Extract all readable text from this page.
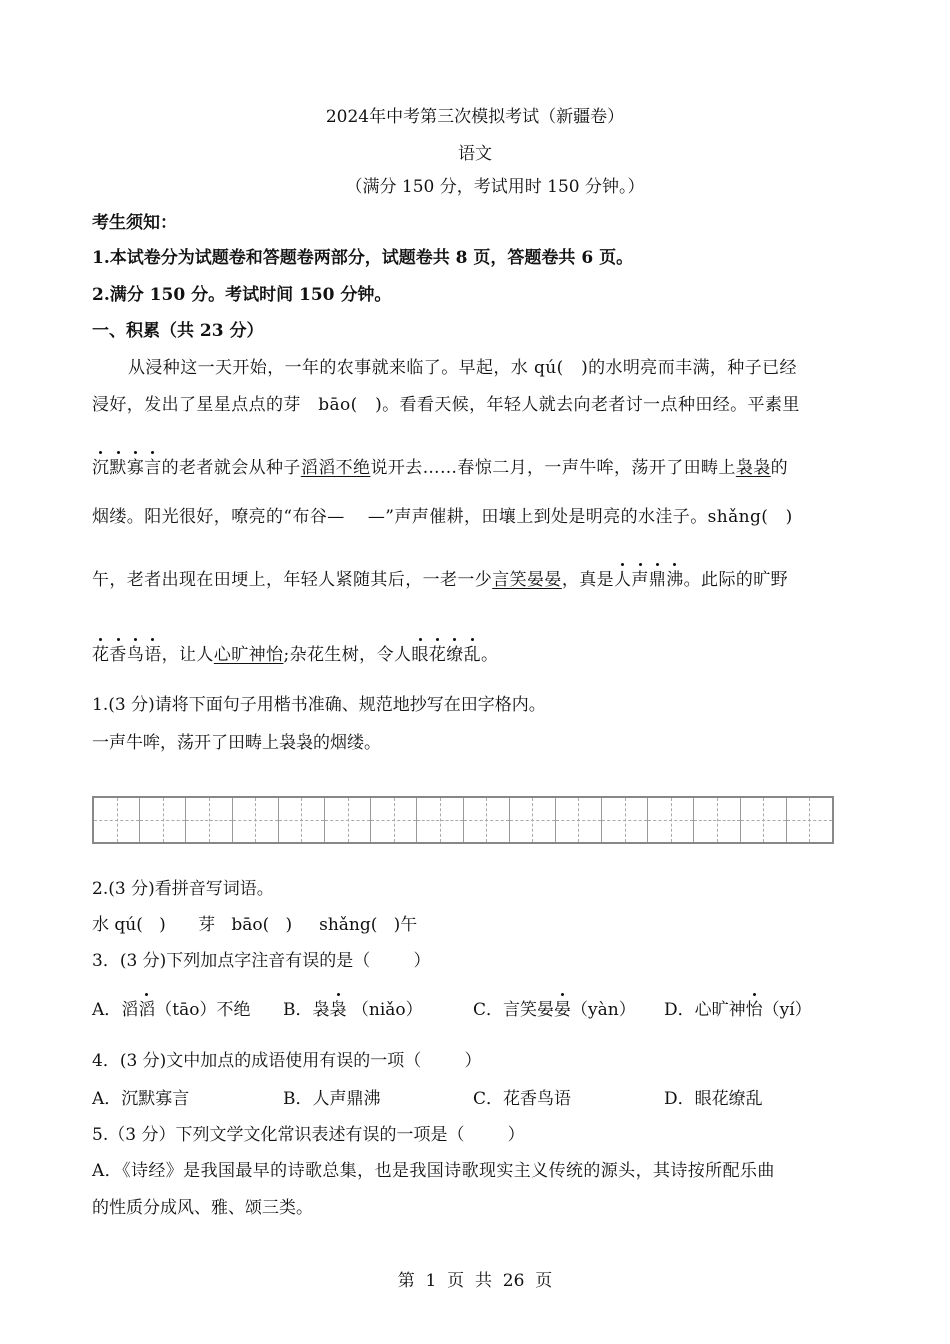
2024年中考第三次模拟考试（新疆卷）
语文
（满分 150 分，考试用时 150 分钟。）
考生须知：
1.本试卷分为试题卷和答题卷两部分，试题卷共 8 页，答题卷共 6 页。
2.满分 150 分。考试时间 150 分钟。
一、积累（共 23 分）
从浸种这一天开始，一年的农事就来临了。早起，水 qú(   )的水明亮而丰满，种子已经
浸好，发出了星星点点的芽   bāo(   )。看看天候，年轻人就去向老者讨一点种田经。平素里
沉默寡言的老者就会从种子滔滔不绝说开去……春惊二月，一声牛哞，荡开了田畴上袅袅的
烟缕。阳光很好，嘹亮的“布谷—    —”声声催耕，田壤上到处是明亮的水洼子。shǎng(   )
午，老者出现在田埂上，年轻人紧随其后，一老一少言笑晏晏，真是人声鼎沸。此际的旷野
花香鸟语，让人心旷神怡;杂花生树，令人眼花缭乱。
1.(3 分)请将下面句子用楷书准确、规范地抄写在田字格内。
一声牛哞，荡开了田畴上袅袅的烟缕。
2.(3 分)看拼音写词语。
水 qú(   )      芽   bāo(   )     shǎng(   )午
3．(3 分)下列加点字注音有误的是（        ）
A．滔滔（tāo）不绝 B．袅袅 （niǎo）	C．言笑晏晏（yàn） D．心旷神怡（yí）
4．(3 分)文中加点的成语使用有误的一项（        ）
A．沉默寡言	B．人声鼎沸	C．花香鸟语	D．眼花缭乱
5.（3 分）下列文学文化常识表述有误的一项是（        ）
A．《诗经》是我国最早的诗歌总集，也是我国诗歌现实主义传统的源头，其诗按所配乐曲
的性质分成风、雅、颂三类。
第  1  页  共  26  页
